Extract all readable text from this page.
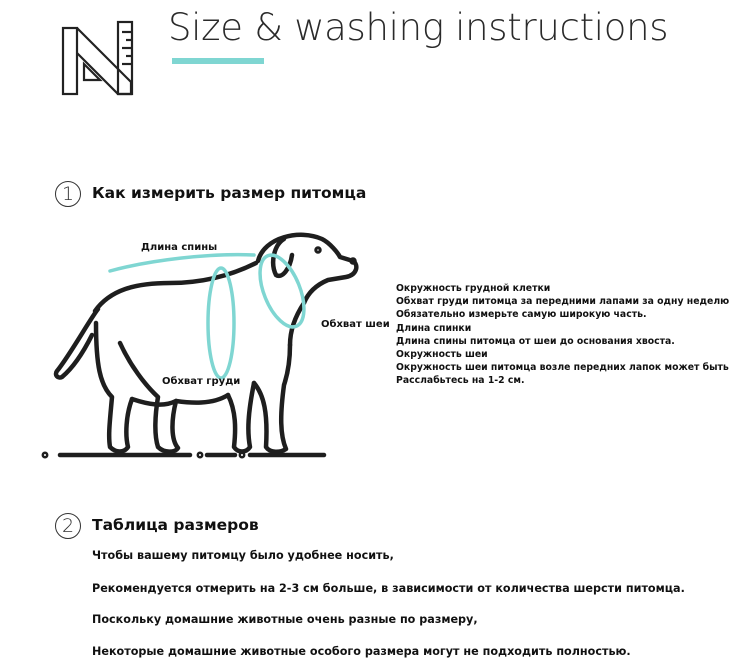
Size & washing instructions
1	Как измерить размер питомца
Длина спины
Обхват шеи
Обхват груди
Окружность грудной клетки
Обхват груди питомца за передними лапами за одну неделю
Обязательно измерьте самую широкую часть.
Длина спинки
Длина спины питомца от шеи до основания хвоста.
Окружность шеи
Окружность шеи питомца возле передних лапок может быть
Расслабьтесь на 1-2 см.
2	Таблица размеров
Чтобы вашему питомцу было удобнее носить,
Рекомендуется отмерить на 2-3 см больше, в зависимости от количества шерсти питомца.
Поскольку домашние животные очень разные по размеру,
Некоторые домашние животные особого размера могут не подходить полностью.
